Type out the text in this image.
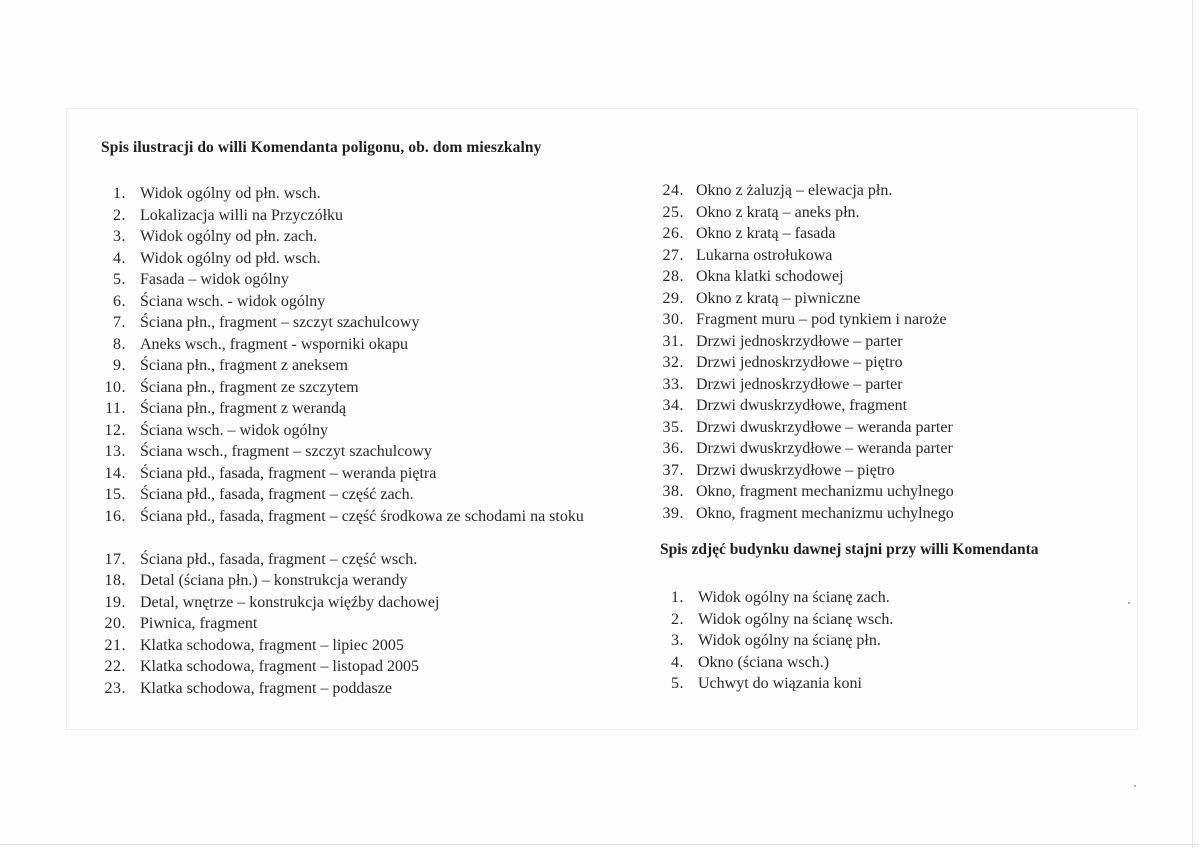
Spis ilustracji do willi Komendanta poligonu, ob. dom mieszkalny
1. Widok ogólny od płn. wsch.
2. Lokalizacja willi na Przyczółku
3. Widok ogólny od płn. zach.
4. Widok ogólny od płd. wsch.
5. Fasada – widok ogólny
6. Ściana wsch. - widok ogólny
7. Ściana płn., fragment – szczyt szachulcowy
8. Aneks wsch., fragment - wsporniki okapu
9. Ściana płn., fragment z aneksem
10. Ściana płn., fragment ze szczytem
11. Ściana płn., fragment z werandą
12. Ściana wsch. – widok ogólny
13. Ściana wsch., fragment – szczyt szachulcowy
14. Ściana płd., fasada, fragment – weranda piętra
15. Ściana płd., fasada, fragment – część zach.
16. Ściana płd., fasada, fragment – część środkowa ze schodami na stoku
17. Ściana płd., fasada, fragment – część wsch.
18. Detal (ściana płn.) – konstrukcja werandy
19. Detal, wnętrze – konstrukcja więźby dachowej
20. Piwnica, fragment
21. Klatka schodowa, fragment – lipiec 2005
22. Klatka schodowa, fragment – listopad 2005
23. Klatka schodowa, fragment – poddasze
24. Okno z żaluzją – elewacja płn.
25. Okno z kratą – aneks płn.
26. Okno z kratą – fasada
27. Lukarna ostrołukowa
28. Okna klatki schodowej
29. Okno z kratą – piwniczne
30. Fragment muru – pod tynkiem i naroże
31. Drzwi jednoskrzydłowe – parter
32. Drzwi jednoskrzydłowe – piętro
33. Drzwi jednoskrzydłowe – parter
34. Drzwi dwuskrzydłowe, fragment
35. Drzwi dwuskrzydłowe – weranda parter
36. Drzwi dwuskrzydłowe – weranda parter
37. Drzwi dwuskrzydłowe – piętro
38. Okno, fragment mechanizmu uchylnego
39. Okno, fragment mechanizmu uchylnego
Spis zdjęć budynku dawnej stajni przy willi Komendanta
1. Widok ogólny na ścianę zach.
2. Widok ogólny na ścianę wsch.
3. Widok ogólny na ścianę płn.
4. Okno (ściana wsch.)
5. Uchwyt do wiązania koni
